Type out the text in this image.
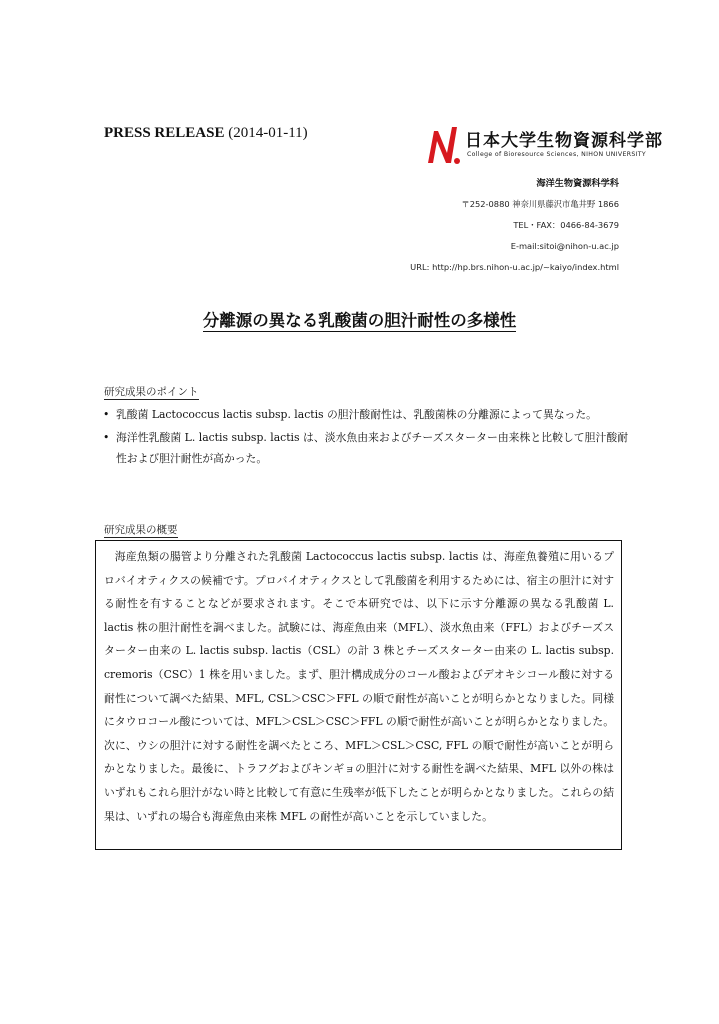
PRESS RELEASE (2014-01-11)	日本大学生物資源科学部
College of Bioresource Sciences, NIHON UNIVERSITY
海洋生物資源科学科
〒252-0880 神奈川県藤沢市亀井野 1866
TEL・FAX：0466-84-3679
E-mail:sitoi@nihon-u.ac.jp
URL: http://hp.brs.nihon-u.ac.jp/~kaiyo/index.html
分離源の異なる乳酸菌の胆汁耐性の多様性
研究成果のポイント
• 乳酸菌 Lactococcus lactis subsp. lactis の胆汁酸耐性は、乳酸菌株の分離源によって異なった。
• 海洋性乳酸菌 L. lactis subsp. lactis は、淡水魚由来およびチーズスターター由来株と比較して胆汁酸耐性および胆汁耐性が高かった。
研究成果の概要
海産魚類の腸管より分離された乳酸菌 Lactococcus lactis subsp. lactis は、海産魚養殖に用いるプロバイオティクスの候補です。プロバイオティクスとして乳酸菌を利用するためには、宿主の胆汁に対する耐性を有することなどが要求されます。そこで本研究では、以下に示す分離源の異なる乳酸菌 L. lactis 株の胆汁耐性を調べました。試験には、海産魚由来（MFL）、淡水魚由来（FFL）およびチーズスターター由来の L. lactis subsp. lactis（CSL）の計 3 株とチーズスターター由来の L. lactis subsp. cremoris（CSC）1 株を用いました。まず、胆汁構成成分のコール酸およびデオキシコール酸に対する耐性について調べた結果、MFL, CSL＞CSC＞FFL の順で耐性が高いことが明らかとなりました。同様にタウロコール酸については、MFL＞CSL＞CSC＞FFL の順で耐性が高いことが明らかとなりました。次に、ウシの胆汁に対する耐性を調べたところ、MFL＞CSL＞CSC, FFL の順で耐性が高いことが明らかとなりました。最後に、トラフグおよびキンギョの胆汁に対する耐性を調べた結果、MFL 以外の株はいずれもこれら胆汁がない時と比較して有意に生残率が低下したことが明らかとなりました。これらの結果は、いずれの場合も海産魚由来株 MFL の耐性が高いことを示していました。
